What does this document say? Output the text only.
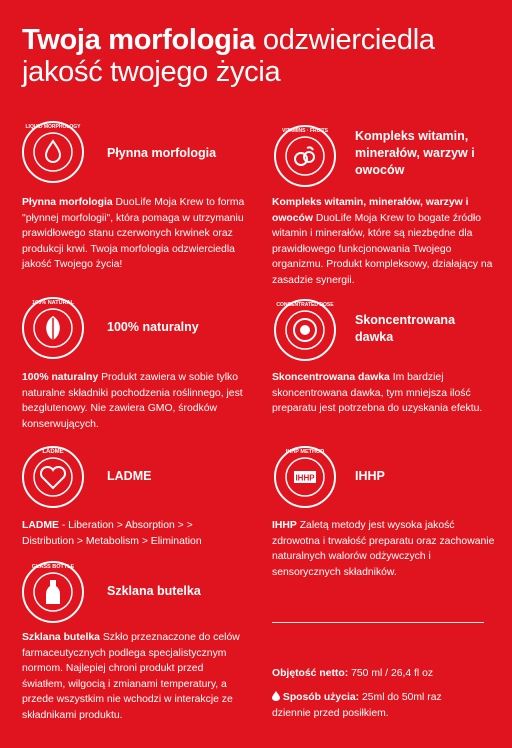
Twoja morfologia odzwierciedla
jakość twojego życia
LIQUID MORPHOLOGY
Płynna morfologia
Płynna morfologia DuoLife Moja Krew to forma "płynnej morfologii", która pomaga w utrzymaniu prawidłowego stanu czerwonych krwinek oraz produkcji krwi. Twoja morfologia odzwierciedla jakość Twojego życia!
VITAMINS · FRUITS Kompleks witamin, minerałów, warzyw i owoców
Kompleks witamin, minerałów, warzyw i owoców DuoLife Moja Krew to bogate źródło witamin i minerałów, które są niezbędne dla prawidłowego funkcjonowania Twojego organizmu. Produkt kompleksowy, działający na zasadzie synergii.
100% NATURAL
100% naturalny
100% naturalny Produkt zawiera w sobie tylko naturalne składniki pochodzenia roślinnego, jest bezglutenowy. Nie zawiera GMO, środków konserwujących.
CONCENTRATED DOSE
Skoncentrowana dawka
Skoncentrowana dawka Im bardziej skoncentrowana dawka, tym mniejsza ilość preparatu jest potrzebna do uzyskania efektu.
LADME
LADME
LADME - Liberation > Absorption > > Distribution > Metabolism > Elimination
IHHP
IHHP METHOD
IHHP
IHHP Zaletą metody jest wysoka jakość zdrowotna i trwałość preparatu oraz zachowanie naturalnych walorów odżywczych i sensorycznych składników.
GLASS BOTTLE
Szklana butelka
Szklana butelka Szkło przeznaczone do celów farmaceutycznych podlega specjalistycznym normom. Najlepiej chroni produkt przed światłem, wilgocią i zmianami temperatury, a przede wszystkim nie wchodzi w interakcje ze składnikami produktu.
Objętość netto: 750 ml / 26,4 fl oz
Sposób użycia: 25ml do 50ml raz dziennie przed posiłkiem.
